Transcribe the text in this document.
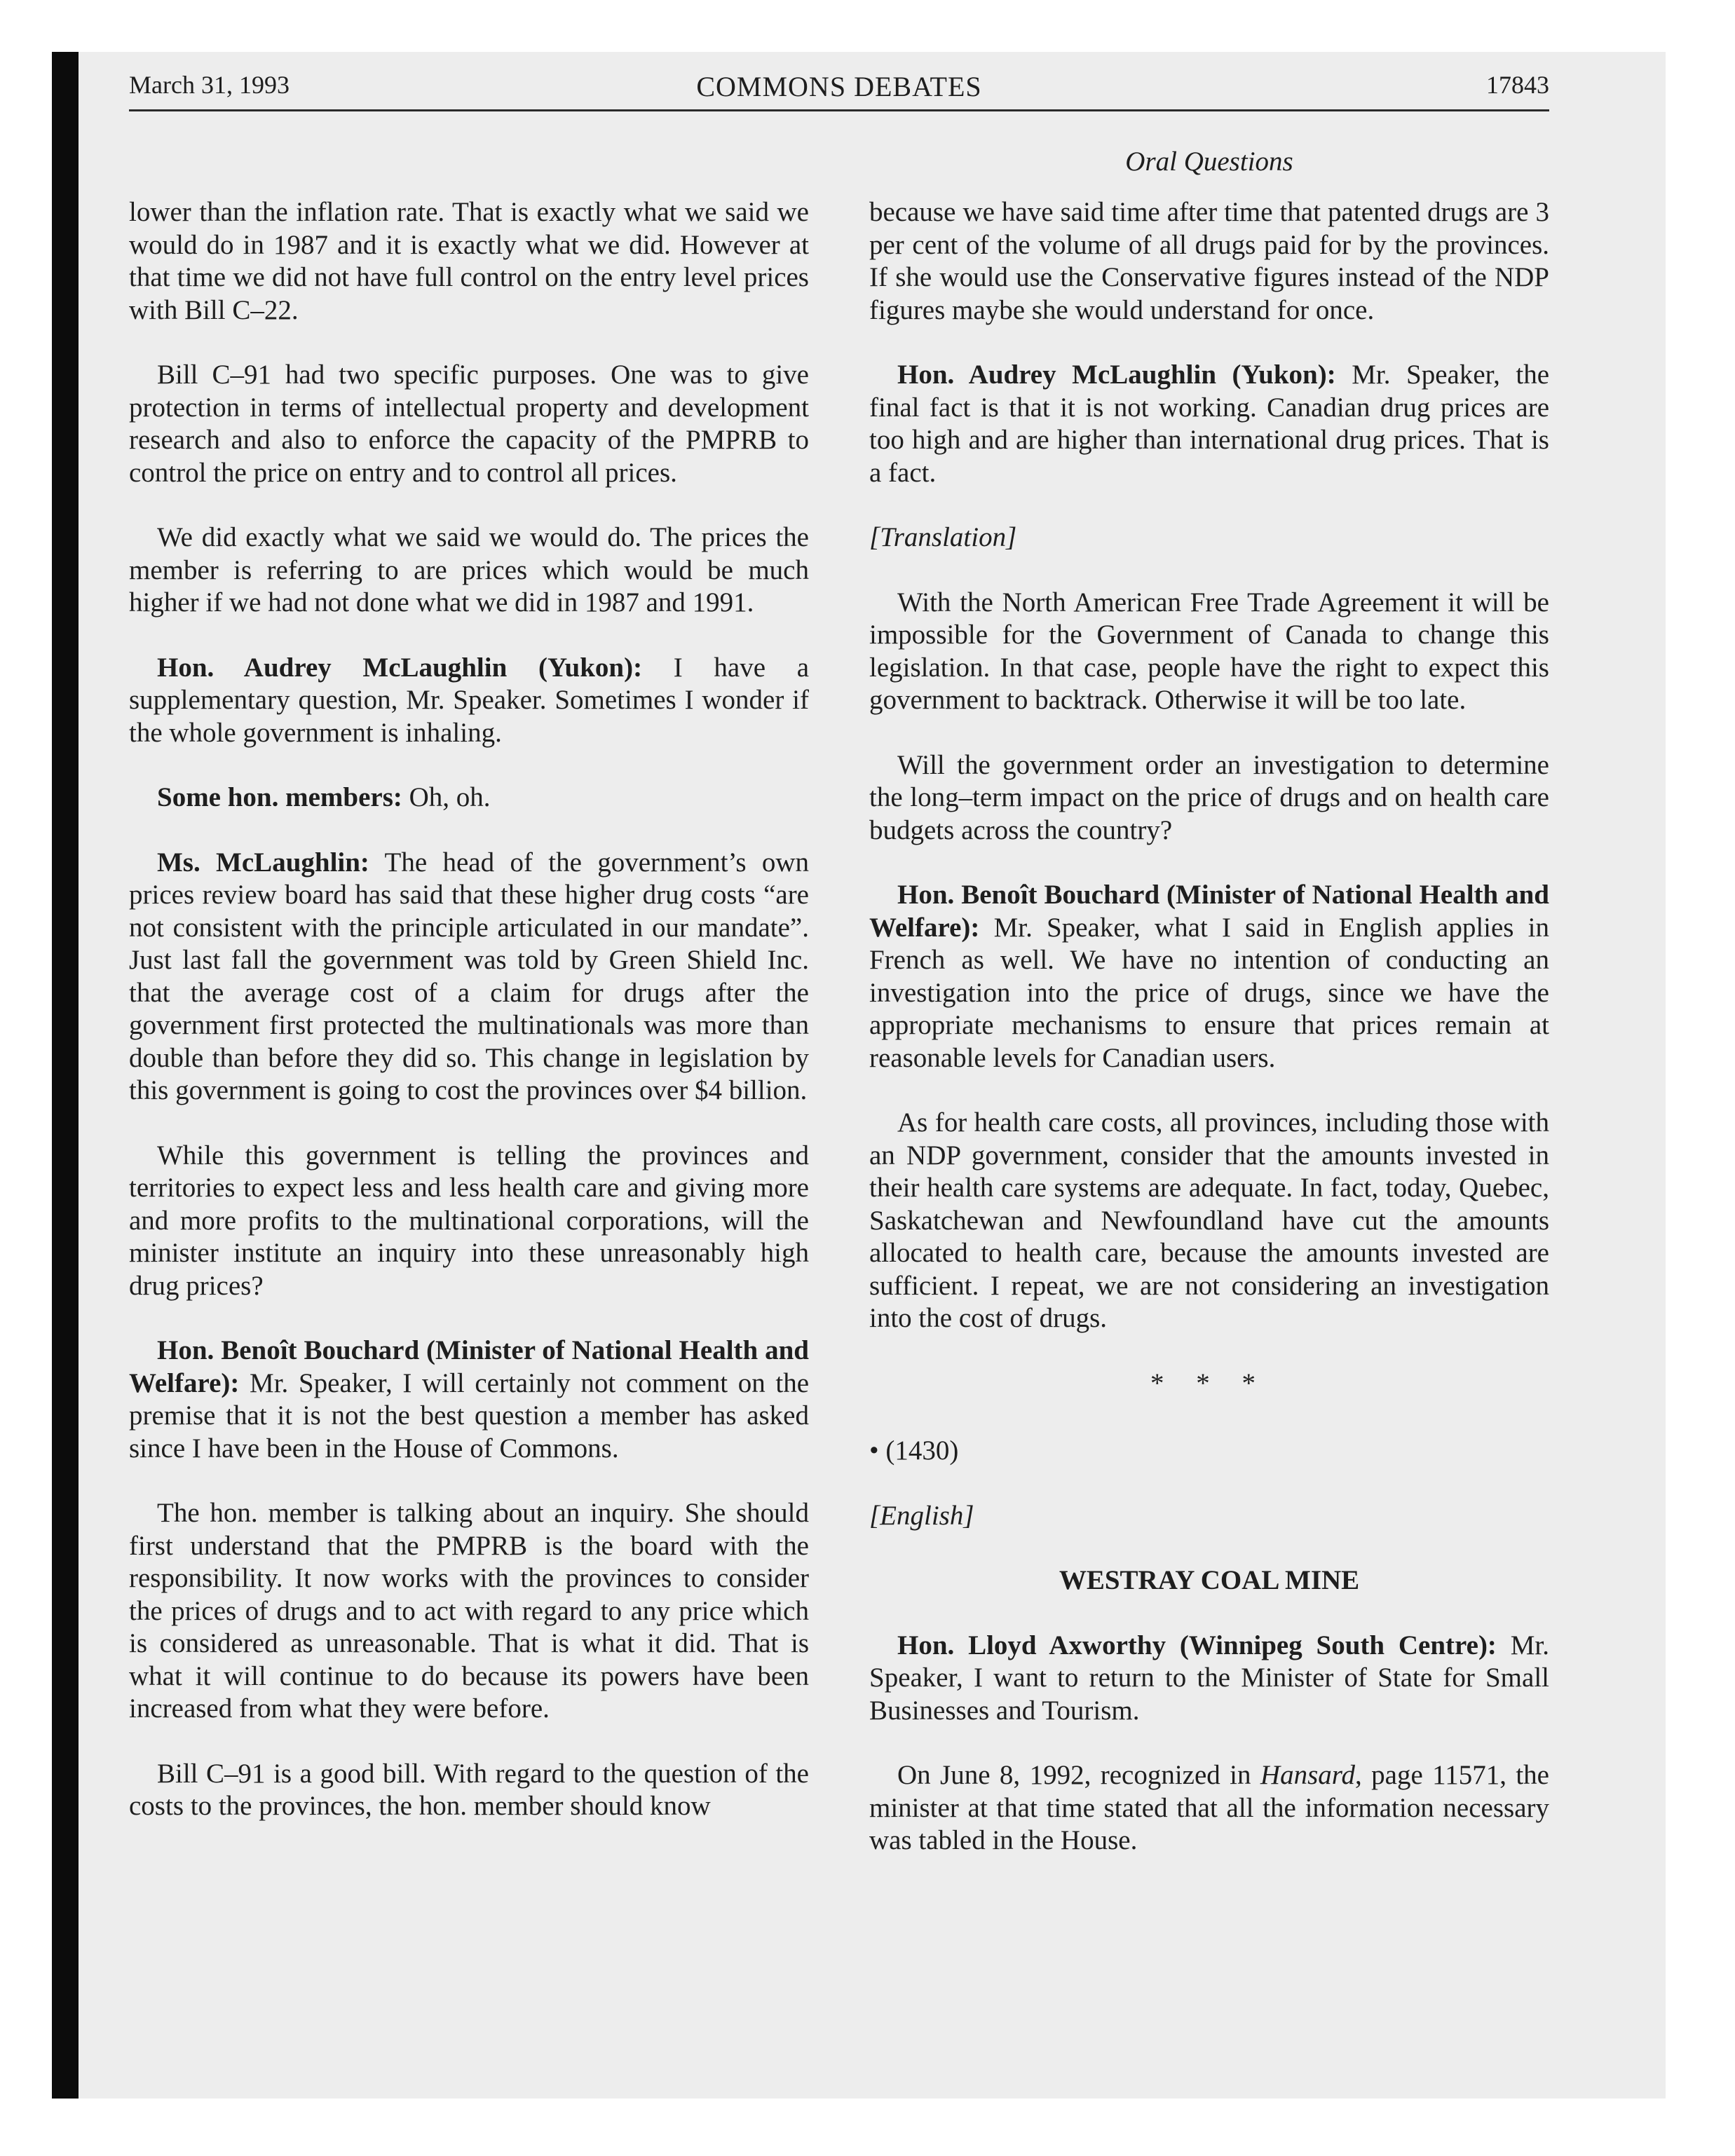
March 31, 1993	COMMONS DEBATES	17843
Oral Questions

lower than the inflation rate. That is exactly what we said we would do in 1987 and it is exactly what we did. However at that time we did not have full control on the entry level prices with Bill C–22.

Bill C–91 had two specific purposes. One was to give protection in terms of intellectual property and development research and also to enforce the capacity of the PMPRB to control the price on entry and to control all prices.

We did exactly what we said we would do. The prices the member is referring to are prices which would be much higher if we had not done what we did in 1987 and 1991.

Hon. Audrey McLaughlin (Yukon): I have a supplementary question, Mr. Speaker. Sometimes I wonder if the whole government is inhaling.

Some hon. members: Oh, oh.

Ms. McLaughlin: The head of the government’s own prices review board has said that these higher drug costs “are not consistent with the principle articulated in our mandate”. Just last fall the government was told by Green Shield Inc. that the average cost of a claim for drugs after the government first protected the multinationals was more than double than before they did so. This change in legislation by this government is going to cost the provinces over $4 billion.

While this government is telling the provinces and territories to expect less and less health care and giving more and more profits to the multinational corporations, will the minister institute an inquiry into these unreasonably high drug prices?

Hon. Benoît Bouchard (Minister of National Health and Welfare): Mr. Speaker, I will certainly not comment on the premise that it is not the best question a member has asked since I have been in the House of Commons.

The hon. member is talking about an inquiry. She should first understand that the PMPRB is the board with the responsibility. It now works with the provinces to consider the prices of drugs and to act with regard to any price which is considered as unreasonable. That is what it did. That is what it will continue to do because its powers have been increased from what they were before.

Bill C–91 is a good bill. With regard to the question of the costs to the provinces, the hon. member should know

because we have said time after time that patented drugs are 3 per cent of the volume of all drugs paid for by the provinces. If she would use the Conservative figures instead of the NDP figures maybe she would understand for once.

Hon. Audrey McLaughlin (Yukon): Mr. Speaker, the final fact is that it is not working. Canadian drug prices are too high and are higher than international drug prices. That is a fact.

[Translation]

With the North American Free Trade Agreement it will be impossible for the Government of Canada to change this legislation. In that case, people have the right to expect this government to backtrack. Otherwise it will be too late.

Will the government order an investigation to determine the long–term impact on the price of drugs and on health care budgets across the country?

Hon. Benoît Bouchard (Minister of National Health and Welfare): Mr. Speaker, what I said in English applies in French as well. We have no intention of conducting an investigation into the price of drugs, since we have the appropriate mechanisms to ensure that prices remain at reasonable levels for Canadian users.

As for health care costs, all provinces, including those with an NDP government, consider that the amounts invested in their health care systems are adequate. In fact, today, Quebec, Saskatchewan and Newfoundland have cut the amounts allocated to health care, because the amounts invested are sufficient. I repeat, we are not considering an investigation into the cost of drugs.

* * *

• (1430)

[English]

WESTRAY COAL MINE

Hon. Lloyd Axworthy (Winnipeg South Centre): Mr. Speaker, I want to return to the Minister of State for Small Businesses and Tourism.

On June 8, 1992, recognized in Hansard, page 11571, the minister at that time stated that all the information necessary was tabled in the House.
